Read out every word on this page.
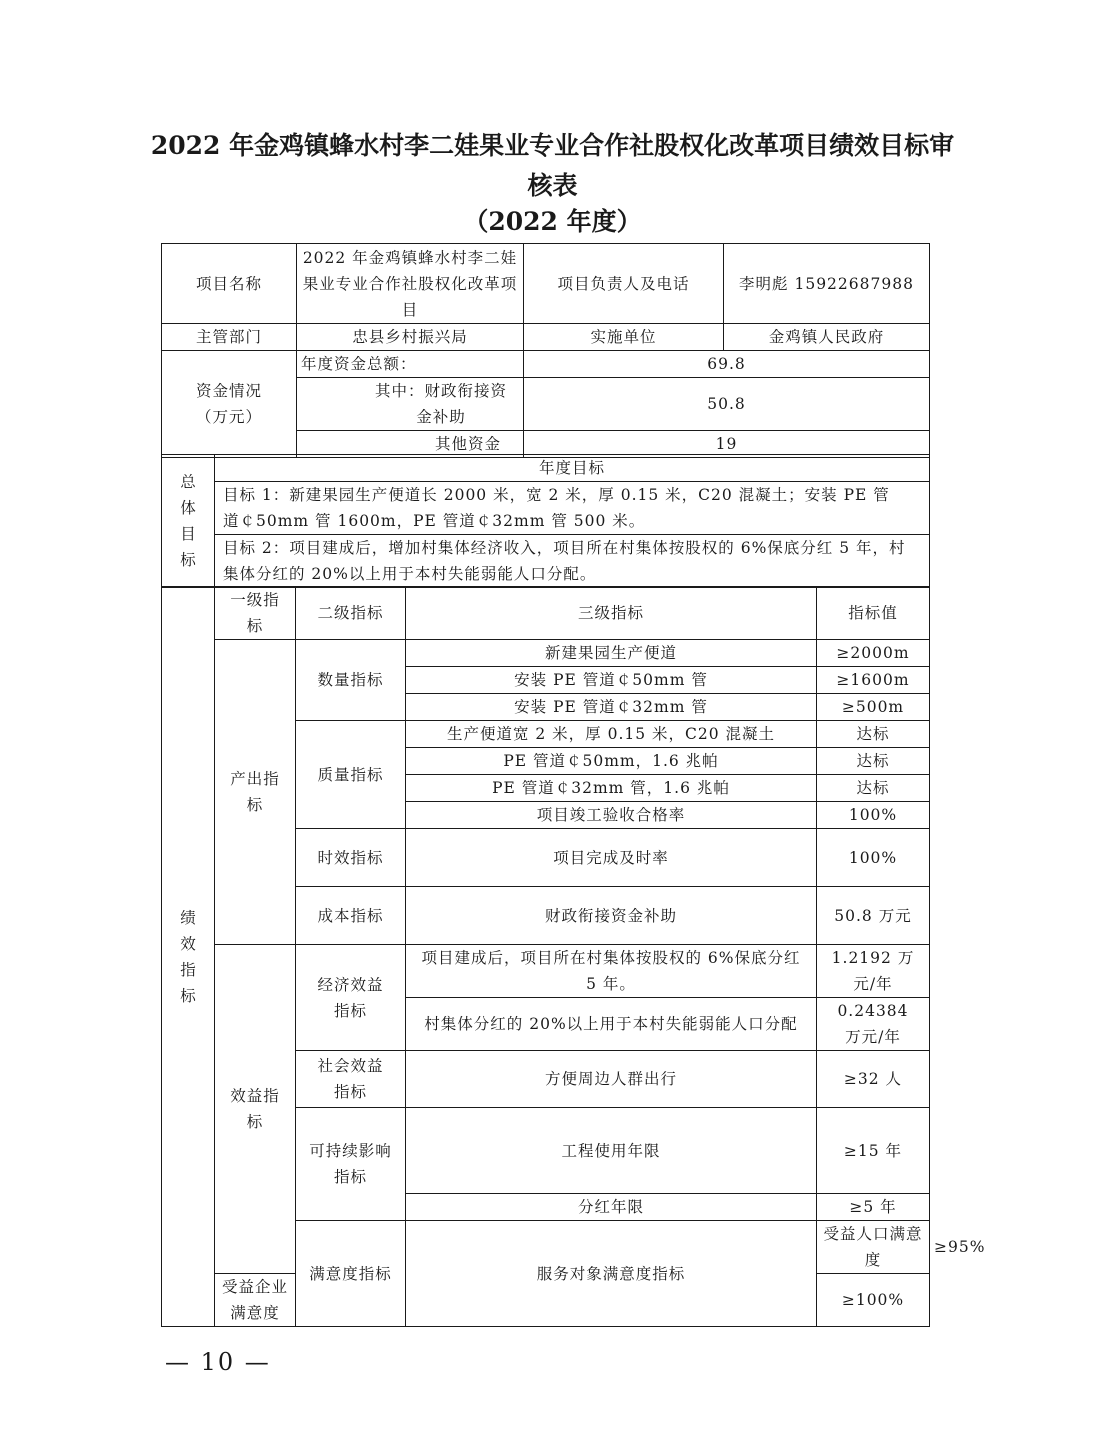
2022 年金鸡镇蜂水村李二娃果业专业合作社股权化改革项目绩效目标审
核表
（2022 年度）
项目名称	2022 年金鸡镇蜂水村李二娃果业专业合作社股权化改革项目	项目负责人及电话	李明彪 15922687988
主管部门	忠县乡村振兴局	实施单位	金鸡镇人民政府
资金情况（万元）	年度资金总额：	69.8	
	其中：财政衔接资金补助	50.8	
	其他资金	19	
总体目标	年度目标
目标 1：新建果园生产便道长 2000 米，宽 2 米，厚 0.15 米，C20 混凝土；安装 PE 管道￠50mm 管 1600m，PE 管道￠32mm 管 500 米。
目标 2：项目建成后，增加村集体经济收入，项目所在村集体按股权的 6%保底分红 5 年，村集体分红的 20%以上用于本村失能弱能人口分配。
绩效指标	一级指标	二级指标	三级指标	指标值	
	产出指标	数量指标	新建果园生产便道	≥2000m	
			安装 PE 管道￠50mm 管	≥1600m	
			安装 PE 管道￠32mm 管	≥500m	
		质量指标	生产便道宽 2 米，厚 0.15 米，C20 混凝土	达标	
			PE 管道￠50mm，1.6 兆帕	达标	
			PE 管道￠32mm 管，1.6 兆帕	达标	
			项目竣工验收合格率	100%	
		时效指标	项目完成及时率	100%	
		成本指标	财政衔接资金补助	50.8 万元	
	效益指标	经济效益指标	项目建成后，项目所在村集体按股权的 6%保底分红 5 年。	1.2192 万元/年	
			村集体分红的 20%以上用于本村失能弱能人口分配	0.24384 万元/年	
		社会效益指标	方便周边人群出行	≥32 人	
		可持续影响指标	工程使用年限	≥15 年	
			分红年限	≥5 年	
		满意度指标	服务对象满意度指标	受益人口满意度	≥95%
	受益企业满意度			≥100%	
— 10 —
